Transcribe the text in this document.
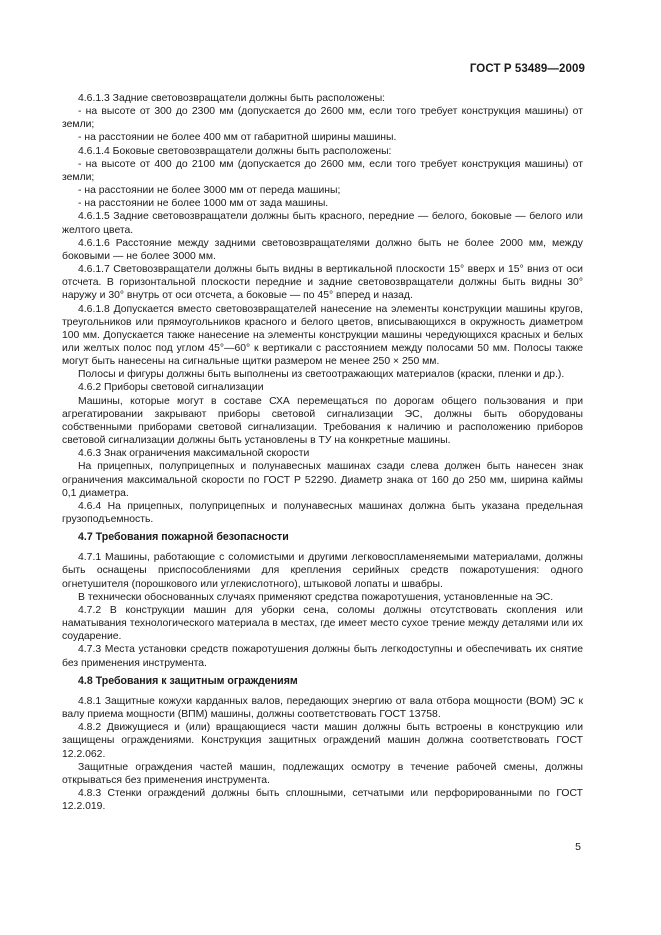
ГОСТ Р 53489—2009

4.6.1.3 Задние световозвращатели должны быть расположены:

- на высоте от 300 до 2300 мм (допускается до 2600 мм, если того требует конструкция машины) от земли;

- на расстоянии не более 400 мм от габаритной ширины машины.

4.6.1.4 Боковые световозвращатели должны быть расположены:

- на высоте от 400 до 2100 мм (допускается до 2600 мм, если того требует конструкция машины) от земли;

- на расстоянии не более 3000 мм от переда машины;

- на расстоянии не более 1000 мм от зада машины.

4.6.1.5 Задние световозвращатели должны быть красного, передние — белого, боковые — белого или желтого цвета.

4.6.1.6 Расстояние между задними световозвращателями должно быть не более 2000 мм, между боковыми — не более 3000 мм.

4.6.1.7 Световозвращатели должны быть видны в вертикальной плоскости 15° вверх и 15° вниз от оси отсчета. В горизонтальной плоскости передние и задние световозвращатели должны быть видны 30° наружу и 30° внутрь от оси отсчета, а боковые — по 45° вперед и назад.

4.6.1.8 Допускается вместо световозвращателей нанесение на элементы конструкции машины кругов, треугольников или прямоугольников красного и белого цветов, вписывающихся в окружность диаметром 100 мм. Допускается также нанесение на элементы конструкции машины чередующихся красных и белых или желтых полос под углом 45°—60° к вертикали с расстоянием между полосами 50 мм. Полосы также могут быть нанесены на сигнальные щитки размером не менее 250 × 250 мм.

Полосы и фигуры должны быть выполнены из светоотражающих материалов (краски, пленки и др.).

4.6.2 Приборы световой сигнализации

Машины, которые могут в составе СХА перемещаться по дорогам общего пользования и при агрегатировании закрывают приборы световой сигнализации ЭС, должны быть оборудованы собственными приборами световой сигнализации. Требования к наличию и расположению приборов световой сигнализации должны быть установлены в ТУ на конкретные машины.

4.6.3 Знак ограничения максимальной скорости

На прицепных, полуприцепных и полунавесных машинах сзади слева должен быть нанесен знак ограничения максимальной скорости по ГОСТ Р 52290. Диаметр знака от 160 до 250 мм, ширина каймы 0,1 диаметра.

4.6.4 На прицепных, полуприцепных и полунавесных машинах должна быть указана предельная грузоподъемность.

4.7 Требования пожарной безопасности

4.7.1 Машины, работающие с соломистыми и другими легковоспламеняемыми материалами, должны быть оснащены приспособлениями для крепления серийных средств пожаротушения: одного огнетушителя (порошкового или углекислотного), штыковой лопаты и швабры.

В технически обоснованных случаях применяют средства пожаротушения, установленные на ЭС.

4.7.2 В конструкции машин для уборки сена, соломы должны отсутствовать скопления или наматывания технологического материала в местах, где имеет место сухое трение между деталями или их соударение.

4.7.3 Места установки средств пожаротушения должны быть легкодоступны и обеспечивать их снятие без применения инструмента.

4.8 Требования к защитным ограждениям

4.8.1 Защитные кожухи карданных валов, передающих энергию от вала отбора мощности (ВОМ) ЭС к валу приема мощности (ВПМ) машины, должны соответствовать ГОСТ 13758.

4.8.2 Движущиеся и (или) вращающиеся части машин должны быть встроены в конструкцию или защищены ограждениями. Конструкция защитных ограждений машин должна соответствовать ГОСТ 12.2.062.

Защитные ограждения частей машин, подлежащих осмотру в течение рабочей смены, должны открываться без применения инструмента.

4.8.3 Стенки ограждений должны быть сплошными, сетчатыми или перфорированными по ГОСТ 12.2.019.

5
